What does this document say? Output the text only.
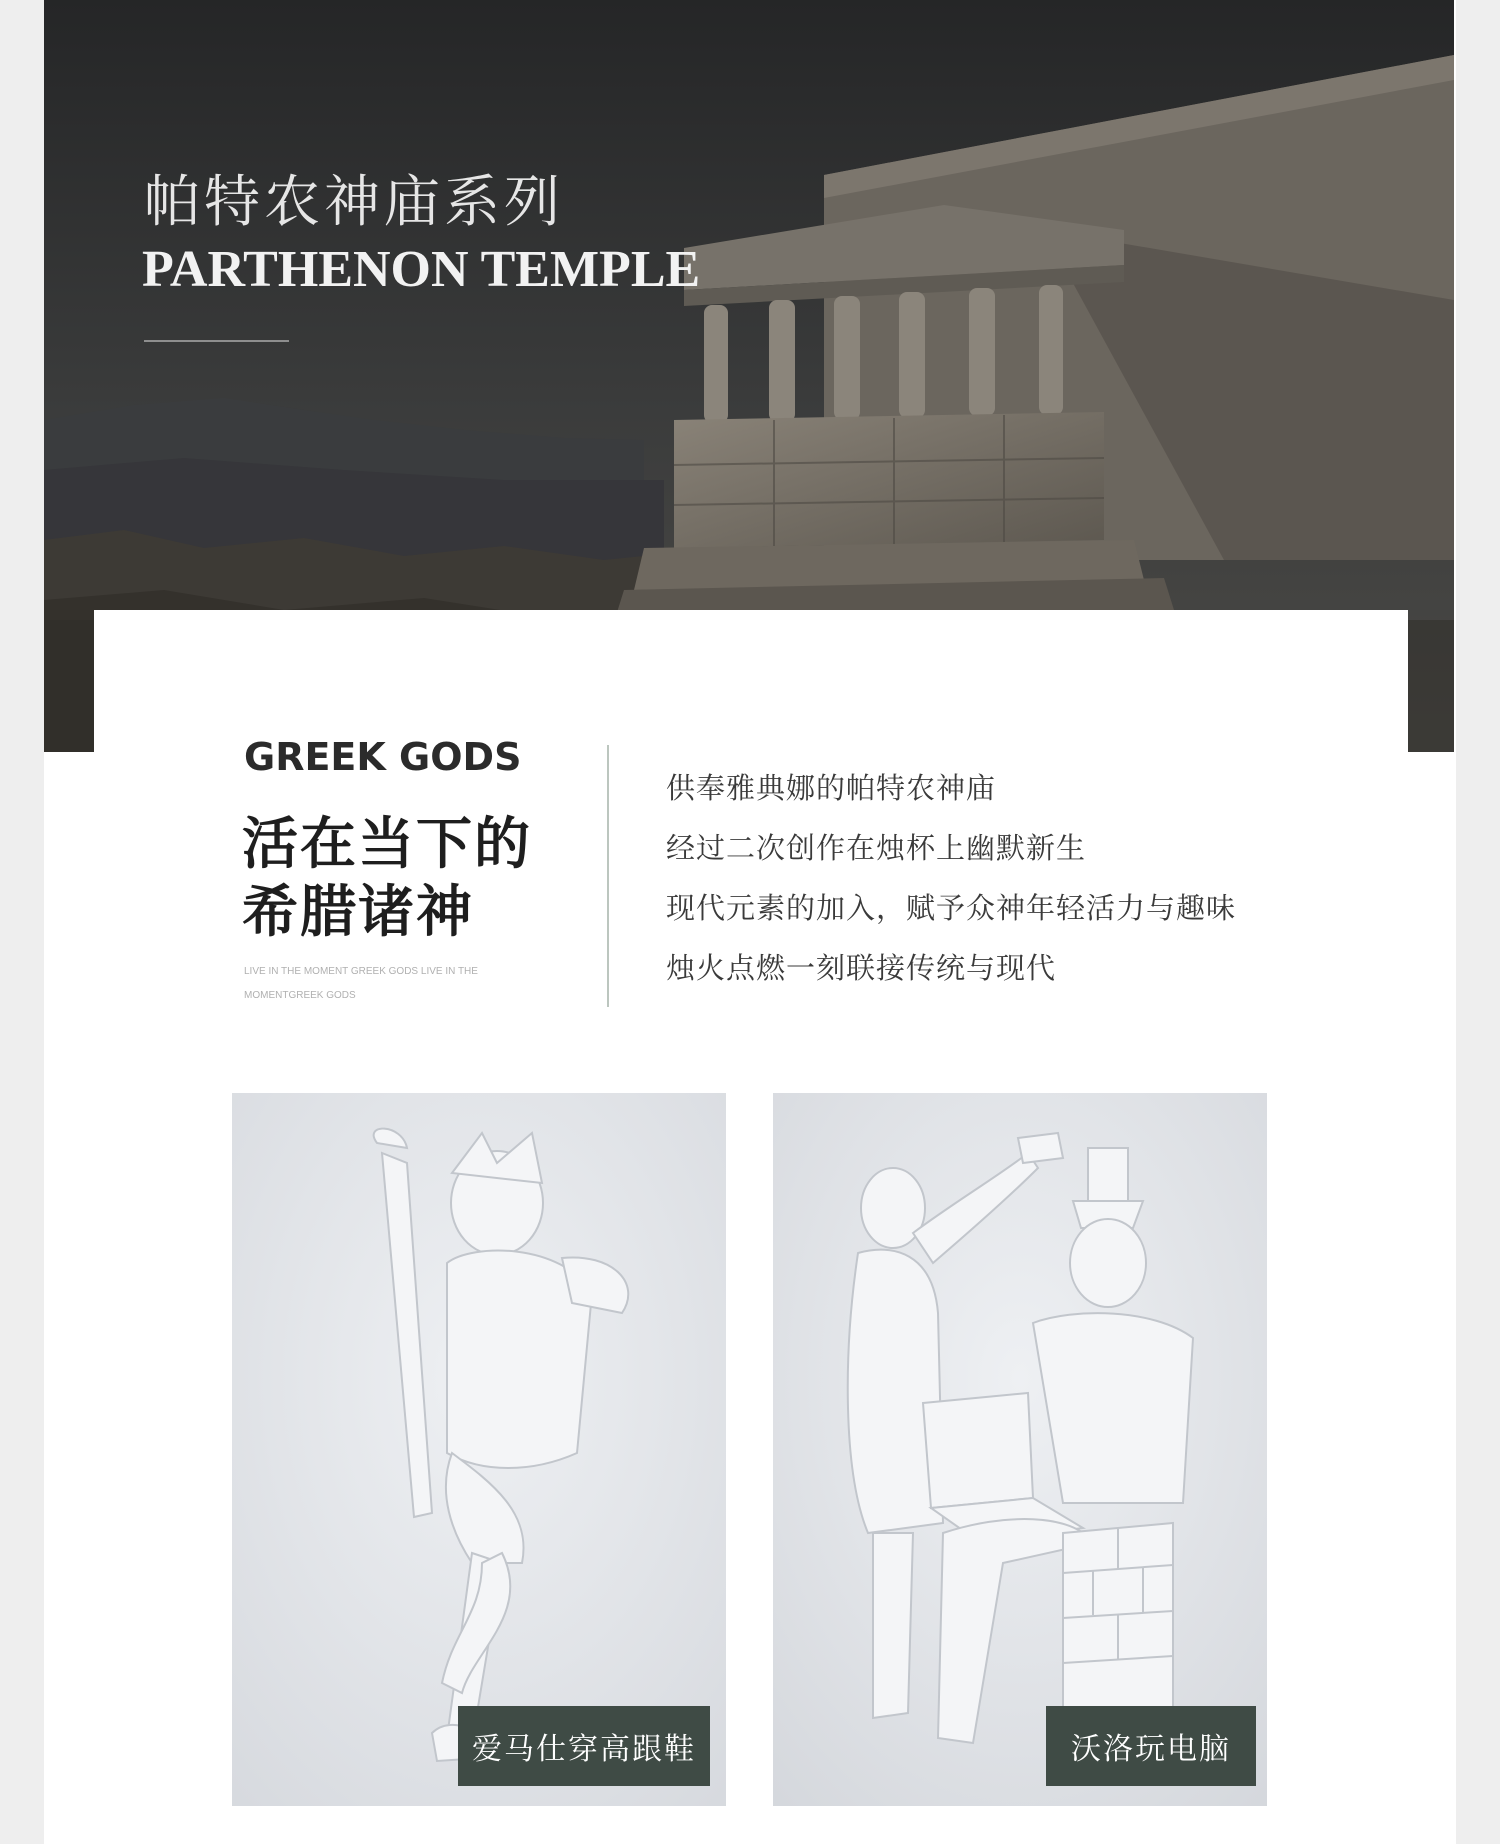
帕特农神庙系列
PARTHENON TEMPLE
GREEK GODS
活在当下的
希腊诸神
LIVE IN THE MOMENT GREEK GODS LIVE IN THE MOMENTGREEK GODS
供奉雅典娜的帕特农神庙
经过二次创作在烛杯上幽默新生
现代元素的加入，赋予众神年轻活力与趣味
烛火点燃一刻联接传统与现代
爱马仕穿高跟鞋	沃洛玩电脑
